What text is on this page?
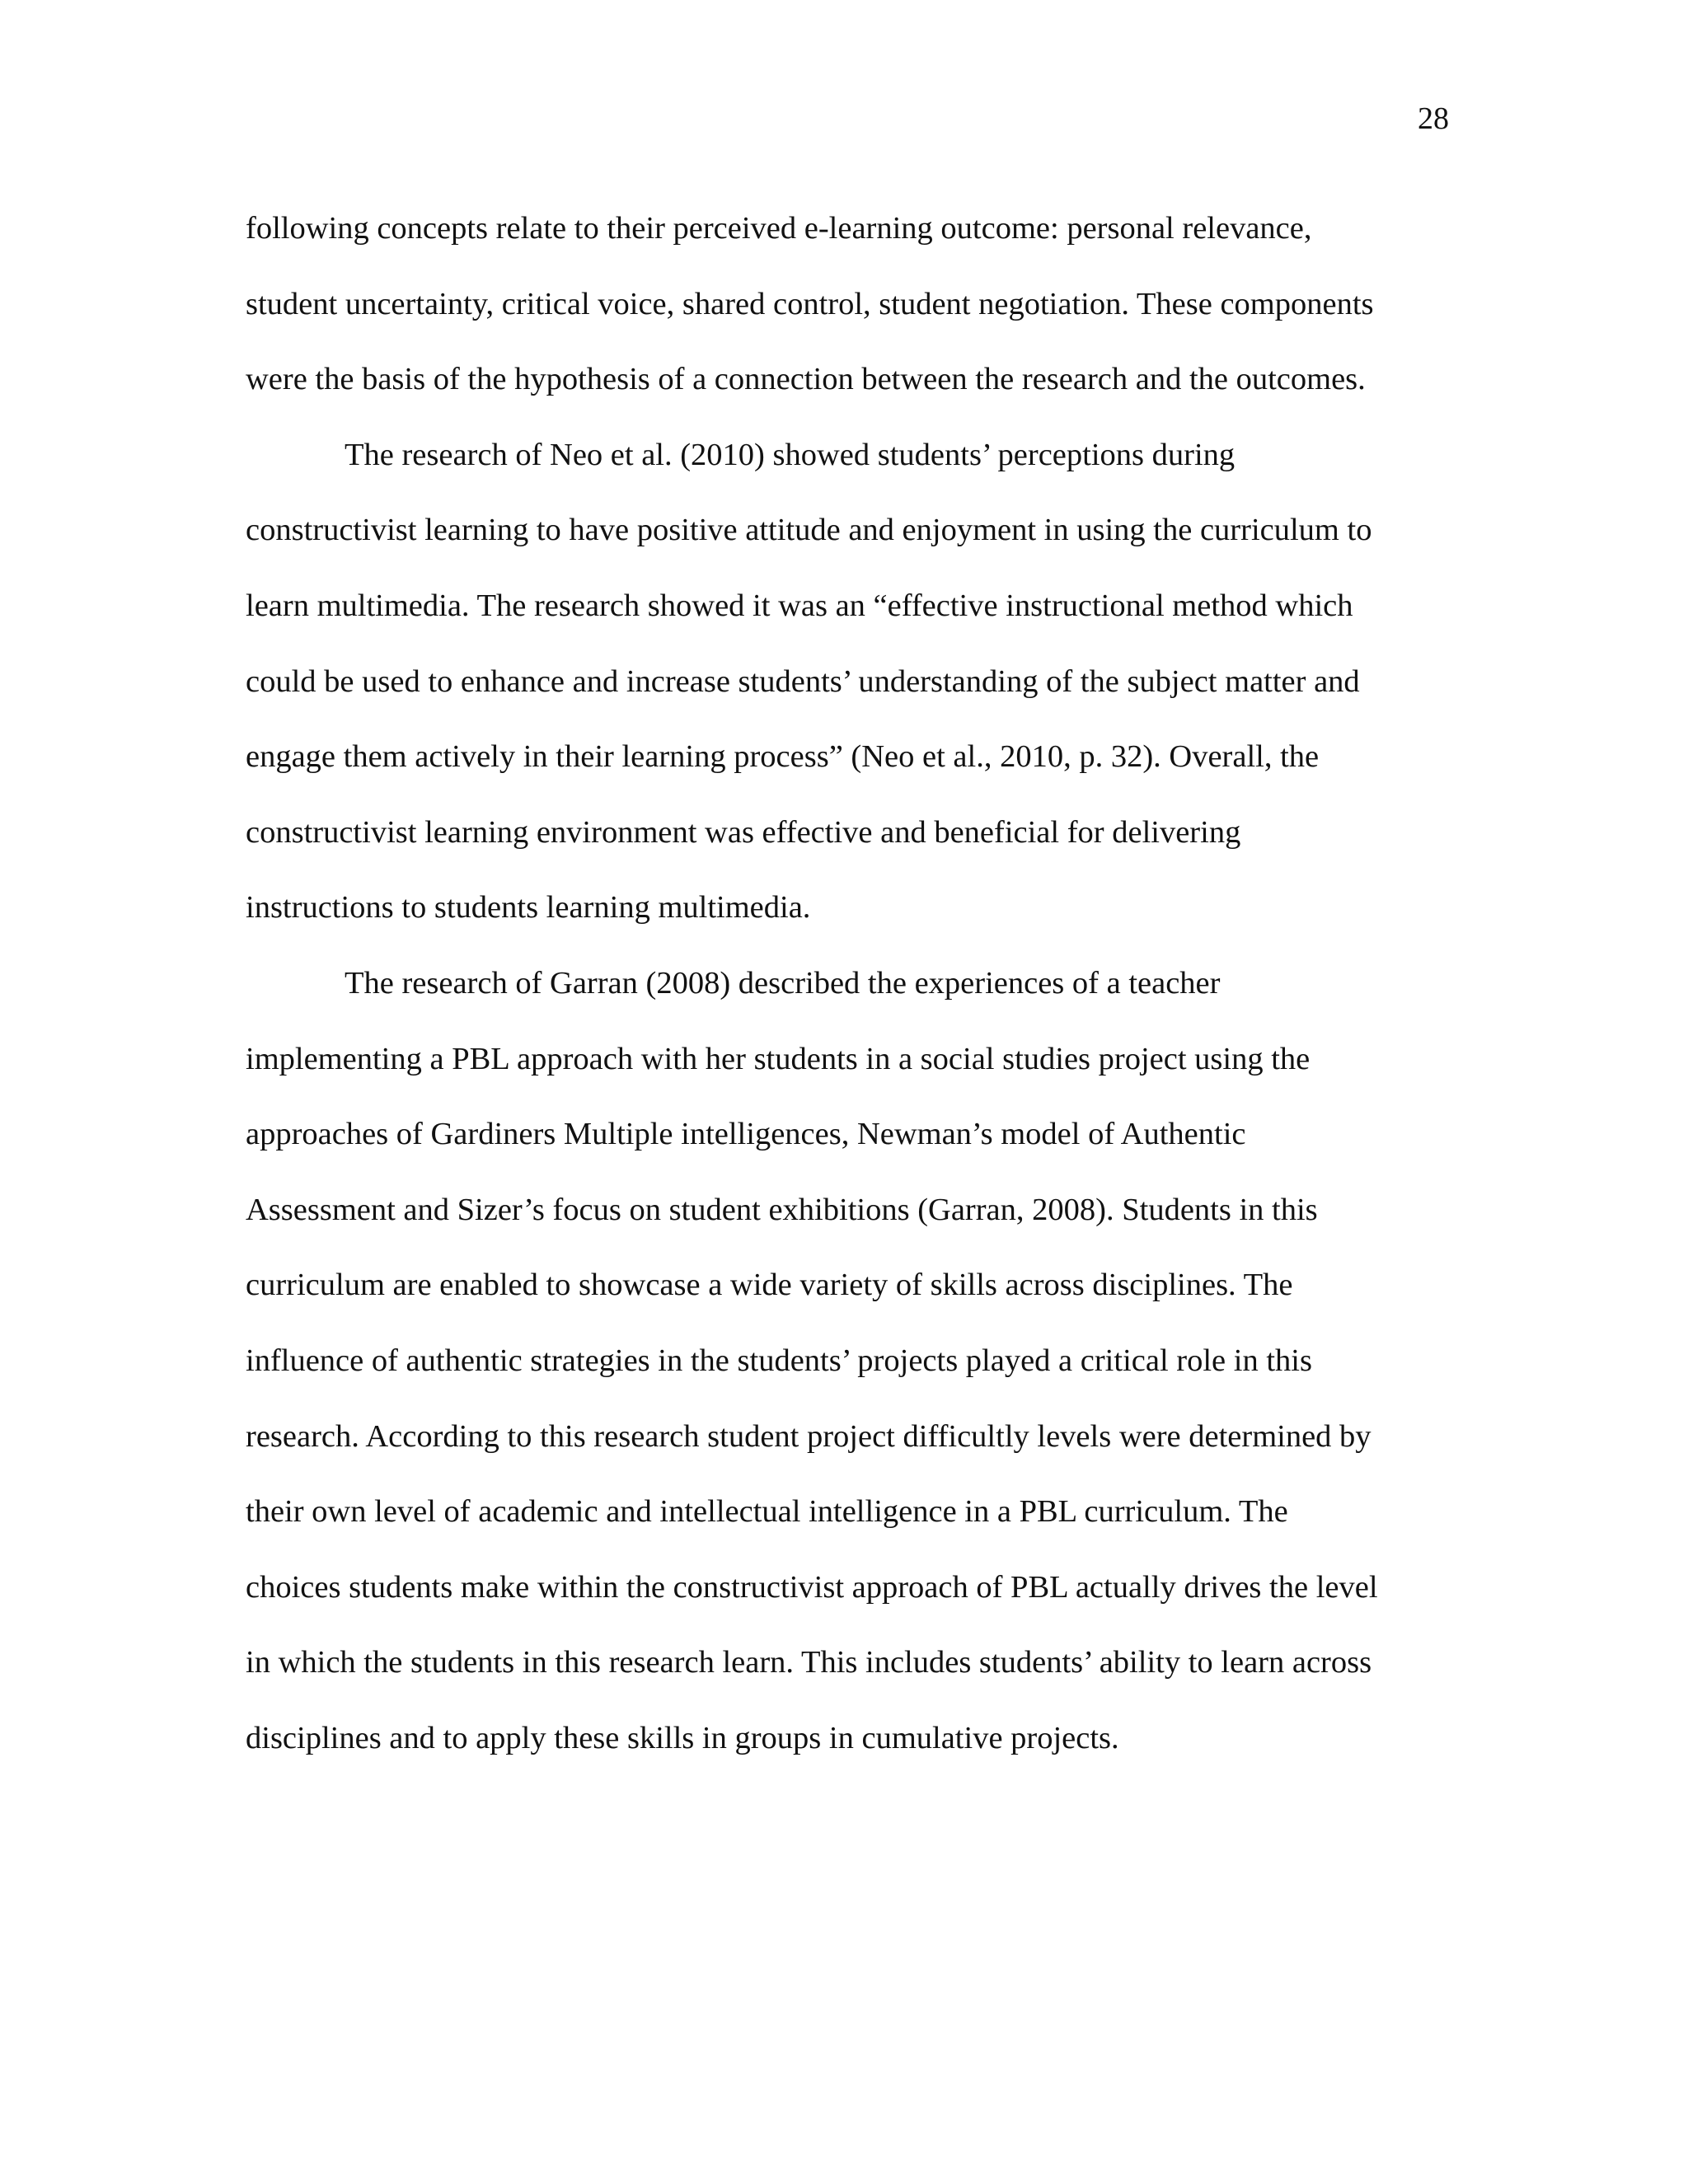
28

following concepts relate to their perceived e-learning outcome: personal relevance,
student uncertainty, critical voice, shared control, student negotiation. These components
were the basis of the hypothesis of a connection between the research and the outcomes.
The research of Neo et al. (2010) showed students’ perceptions during
constructivist learning to have positive attitude and enjoyment in using the curriculum to
learn multimedia. The research showed it was an “effective instructional method which
could be used to enhance and increase students’ understanding of the subject matter and
engage them actively in their learning process” (Neo et al., 2010, p. 32). Overall, the
constructivist learning environment was effective and beneficial for delivering
instructions to students learning multimedia.
The research of Garran (2008) described the experiences of a teacher
implementing a PBL approach with her students in a social studies project using the
approaches of Gardiners Multiple intelligences, Newman’s model of Authentic
Assessment and Sizer’s focus on student exhibitions (Garran, 2008). Students in this
curriculum are enabled to showcase a wide variety of skills across disciplines. The
influence of authentic strategies in the students’ projects played a critical role in this
research. According to this research student project difficultly levels were determined by
their own level of academic and intellectual intelligence in a PBL curriculum. The
choices students make within the constructivist approach of PBL actually drives the level
in which the students in this research learn. This includes students’ ability to learn across
disciplines and to apply these skills in groups in cumulative projects.
